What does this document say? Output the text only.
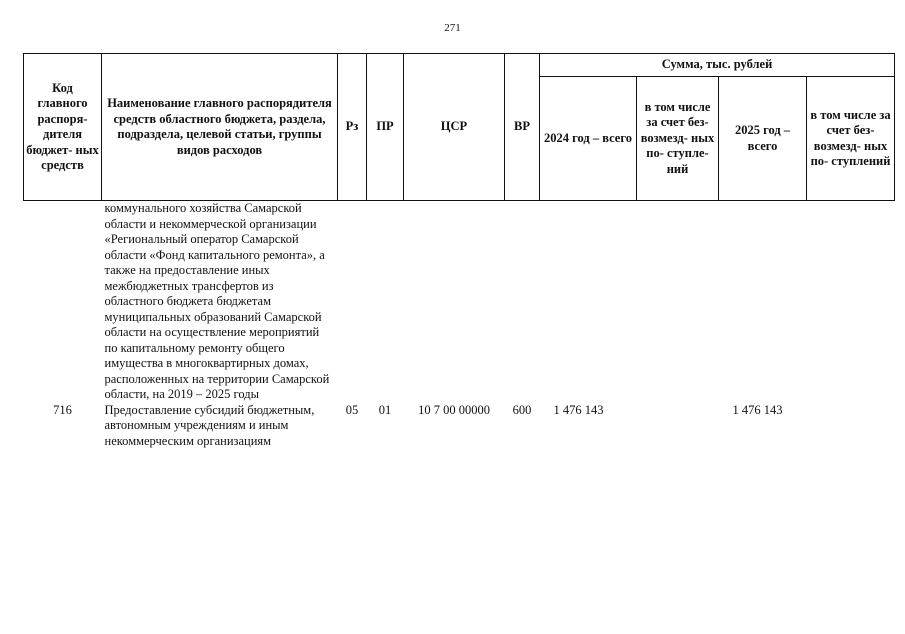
271
Код главного распоря- дителя бюджет- ных средств	Наименование главного распорядителя средств областного бюджета, раздела, подраздела, целевой статьи, группы видов расходов	Рз	ПР	ЦСР	ВР	Сумма, тыс. рублей			
						2024 год – всего	в том числе за счет без- возмезд- ных по- ступле- ний	2025 год – всего	в том числе за счет без- возмезд- ных по- ступлений
	коммунального хозяйства Самарской области и некоммерческой организации «Региональный оператор Самарской области «Фонд капитального ремонта», а также на предоставление иных межбюджетных трансфертов из областного бюджета бюджетам муниципальных образований Самарской области на осуществление мероприятий по капитальному ремонту общего имущества в многоквартирных домах, расположенных на территории Самарской области, на 2019 – 2025 годы								
716	Предоставление субсидий бюджетным, автономным учреждениям и иным некоммерческим организациям	05	01	10 7 00 00000	600	1 476 143		1 476 143	
